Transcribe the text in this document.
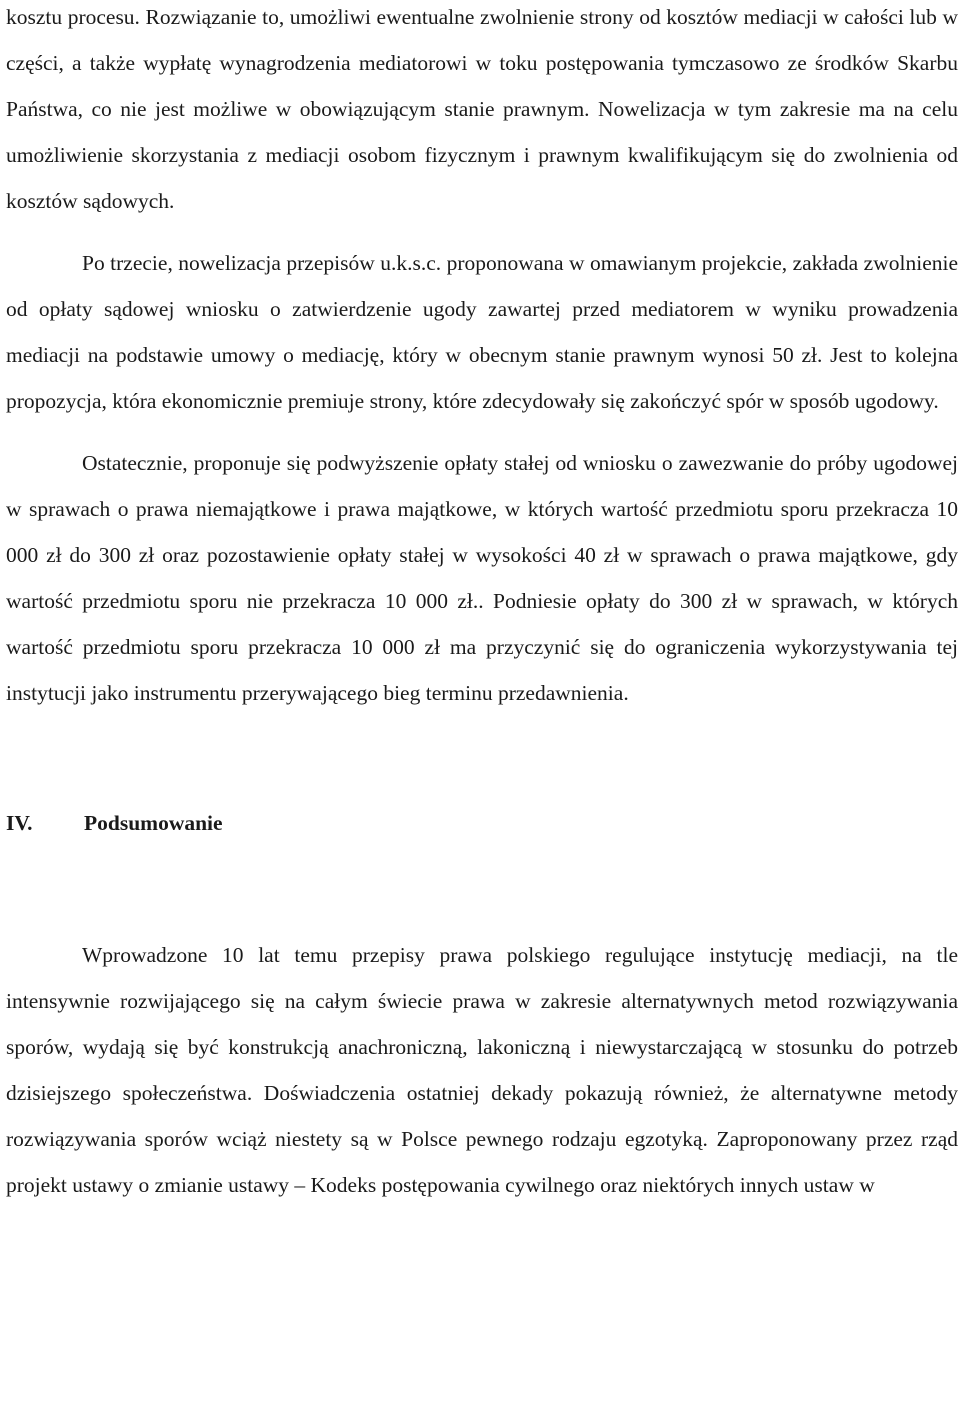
kosztu procesu. Rozwiązanie to, umożliwi ewentualne zwolnienie strony od kosztów mediacji w całości lub w części, a także wypłatę wynagrodzenia mediatorowi w toku postępowania tymczasowo ze środków Skarbu Państwa, co nie jest możliwe w obowiązującym stanie prawnym. Nowelizacja w tym zakresie ma na celu umożliwienie skorzystania z mediacji osobom fizycznym i prawnym kwalifikującym się do zwolnienia od kosztów sądowych.

Po trzecie, nowelizacja przepisów u.k.s.c. proponowana w omawianym projekcie, zakłada zwolnienie od opłaty sądowej wniosku o zatwierdzenie ugody zawartej przed mediatorem w wyniku prowadzenia mediacji na podstawie umowy o mediację, który w obecnym stanie prawnym wynosi 50 zł. Jest to kolejna propozycja, która ekonomicznie premiuje strony, które zdecydowały się zakończyć spór w sposób ugodowy.

Ostatecznie, proponuje się podwyższenie opłaty stałej od wniosku o zawezwanie do próby ugodowej w sprawach o prawa niemajątkowe i prawa majątkowe, w których wartość przedmiotu sporu przekracza 10 000 zł do 300 zł oraz pozostawienie opłaty stałej w wysokości 40 zł w sprawach o prawa majątkowe, gdy wartość przedmiotu sporu nie przekracza 10 000 zł.. Podniesie opłaty do 300 zł w sprawach, w których wartość przedmiotu sporu przekracza 10 000 zł ma przyczynić się do ograniczenia wykorzystywania tej instytucji jako instrumentu przerywającego bieg terminu przedawnienia.

IV. Podsumowanie

Wprowadzone 10 lat temu przepisy prawa polskiego regulujące instytucję mediacji, na tle intensywnie rozwijającego się na całym świecie prawa w zakresie alternatywnych metod rozwiązywania sporów, wydają się być konstrukcją anachroniczną, lakoniczną i niewystarczającą w stosunku do potrzeb dzisiejszego społeczeństwa. Doświadczenia ostatniej dekady pokazują również, że alternatywne metody rozwiązywania sporów wciąż niestety są w Polsce pewnego rodzaju egzotyką. Zaproponowany przez rząd projekt ustawy o zmianie ustawy – Kodeks postępowania cywilnego oraz niektórych innych ustaw w
